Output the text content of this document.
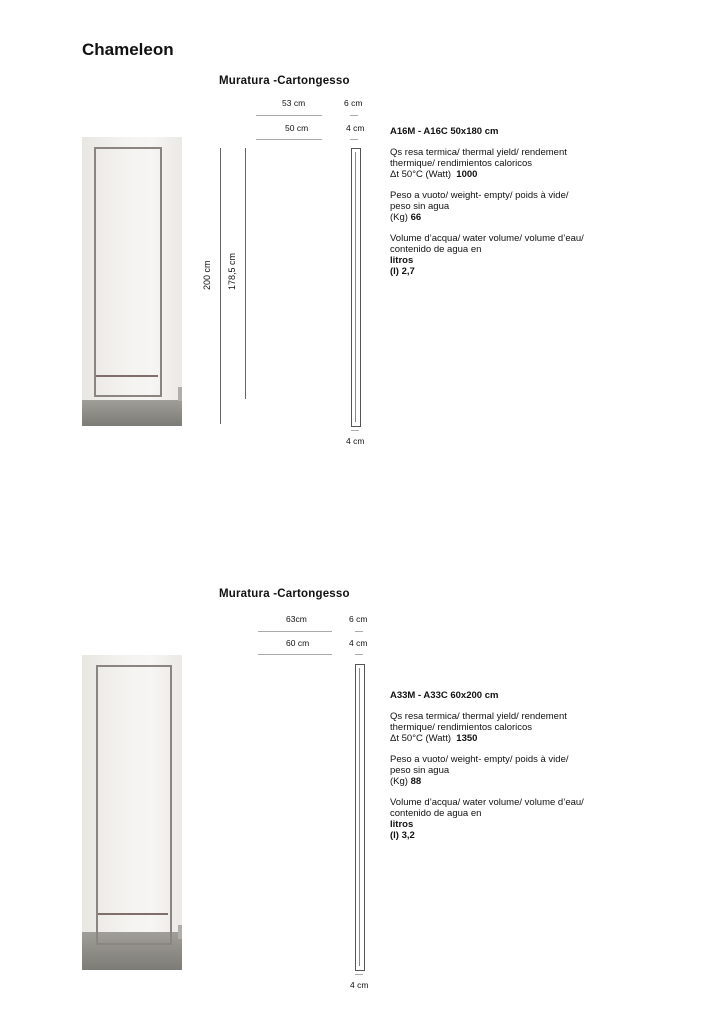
Chameleon
Muratura -Cartongesso
53 cm
50 cm
6 cm
4 cm
200 cm 178,5 cm
4 cm

A16M - A16C 50x180 cm

Qs resa termica/ thermal yield/ rendement thermique/ rendimientos caloricos
Δt 50°C (Watt) 1000

Peso a vuoto/ weight- empty/ poids à vide/ peso sin agua
(Kg) 66

Volume d’acqua/ water volume/ volume d’eau/ contenido de agua en
litros
(l) 2,7

Muratura -Cartongesso
63cm
60 cm
6 cm
4 cm
4 cm

A33M - A33C 60x200 cm

Qs resa termica/ thermal yield/ rendement thermique/ rendimientos caloricos
Δt 50°C (Watt) 1350

Peso a vuoto/ weight- empty/ poids à vide/ peso sin agua
(Kg) 88

Volume d’acqua/ water volume/ volume d’eau/ contenido de agua en
litros
(l) 3,2
